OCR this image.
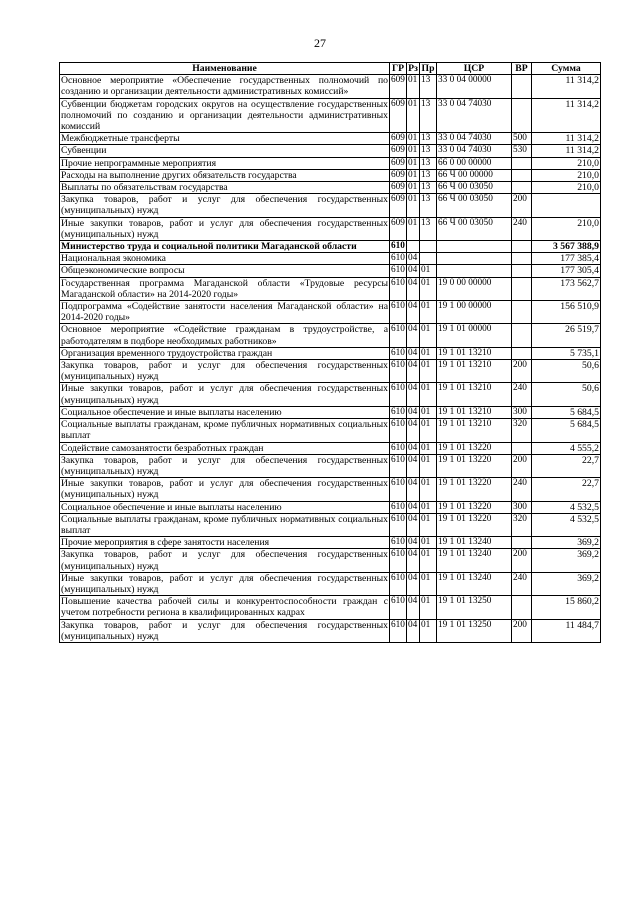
27
Наименование	ГР	Рз	Пр	ЦСР	ВР	Сумма
Основное мероприятие «Обеспечение государственных полномочий по созданию и организации деятельности административных комиссий»	609	01	13	33 0 04 00000		11 314,2
Субвенции бюджетам городских округов на осуществление государственных полномочий по созданию и организации деятельности административных комиссий	609	01	13	33 0 04 74030		11 314,2
Межбюджетные трансферты	609	01	13	33 0 04 74030	500	11 314,2
Субвенции	609	01	13	33 0 04 74030	530	11 314,2
Прочие непрограммные мероприятия	609	01	13	66 0 00 00000		210,0
Расходы на выполнение других обязательств государства	609	01	13	66 Ч 00 00000		210,0
Выплаты по обязательствам государства	609	01	13	66 Ч 00 03050		210,0
Закупка товаров, работ и услуг для обеспечения государственных (муниципальных) нужд	609	01	13	66 Ч 00 03050	200	
Иные закупки товаров, работ и услуг для обеспечения государственных (муниципальных) нужд	609	01	13	66 Ч 00 03050	240	210,0
Министерство труда и социальной политики Магаданской области	610					3 567 388,9
Национальная экономика	610	04				177 385,4
Общеэкономические вопросы	610	04	01			177 305,4
Государственная программа Магаданской области «Трудовые ресурсы Магаданской области» на 2014-2020 годы»	610	04	01	19 0 00 00000		173 562,7
Подпрограмма «Содействие занятости населения Магаданской области» на 2014-2020 годы»	610	04	01	19 1 00 00000		156 510,9
Основное мероприятие «Содействие гражданам в трудоустройстве, а работодателям в подборе необходимых работников»	610	04	01	19 1 01 00000		26 519,7
Организация временного трудоустройства граждан	610	04	01	19 1 01 13210		5 735,1
Закупка товаров, работ и услуг для обеспечения государственных (муниципальных) нужд	610	04	01	19 1 01 13210	200	50,6
Иные закупки товаров, работ и услуг для обеспечения государственных (муниципальных) нужд	610	04	01	19 1 01 13210	240	50,6
Социальное обеспечение и иные выплаты населению	610	04	01	19 1 01 13210	300	5 684,5
Социальные выплаты гражданам, кроме публичных нормативных социальных выплат	610	04	01	19 1 01 13210	320	5 684,5
Содействие самозанятости безработных граждан	610	04	01	19 1 01 13220		4 555,2
Закупка товаров, работ и услуг для обеспечения государственных (муниципальных) нужд	610	04	01	19 1 01 13220	200	22,7
Иные закупки товаров, работ и услуг для обеспечения государственных (муниципальных) нужд	610	04	01	19 1 01 13220	240	22,7
Социальное обеспечение и иные выплаты населению	610	04	01	19 1 01 13220	300	4 532,5
Социальные выплаты гражданам, кроме публичных нормативных социальных выплат	610	04	01	19 1 01 13220	320	4 532,5
Прочие мероприятия в сфере занятости населения	610	04	01	19 1 01 13240		369,2
Закупка товаров, работ и услуг для обеспечения государственных (муниципальных) нужд	610	04	01	19 1 01 13240	200	369,2
Иные закупки товаров, работ и услуг для обеспечения государственных (муниципальных) нужд	610	04	01	19 1 01 13240	240	369,2
Повышение качества рабочей силы и конкурентоспособности граждан с учетом потребности региона в квалифицированных кадрах	610	04	01	19 1 01 13250		15 860,2
Закупка товаров, работ и услуг для обеспечения государственных (муниципальных) нужд	610	04	01	19 1 01 13250	200	11 484,7
